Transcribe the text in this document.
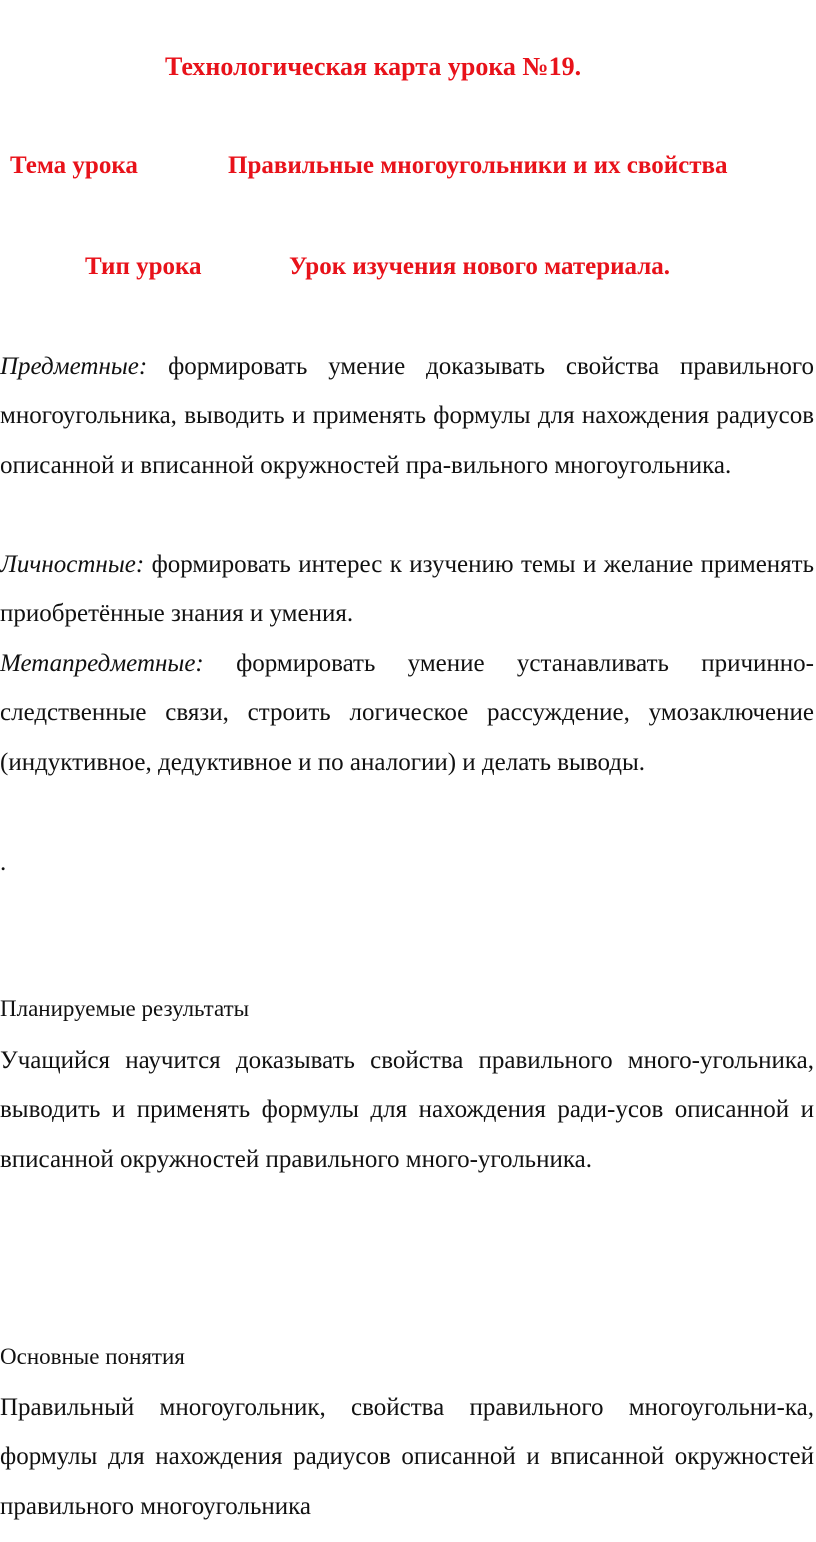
Технологическая карта урока №19.
Тема урока	Правильные многоугольники и их свойства
Тип урока	Урок изучения нового материала.

Предметные: формировать умение доказывать свойства правильного многоугольника, выводить и применять формулы для нахождения радиусов описанной и вписанной окружностей пра-вильного многоугольника.

Личностные: формировать интерес к изучению темы и желание применять приобретённые знания и умения.

Метапредметные: формировать умение устанавливать причинно-следственные связи, строить логическое рассуждение, умозаключение (индуктивное, дедуктивное и по аналогии) и делать выводы.

.
Планируемые результаты

Учащийся научится доказывать свойства правильного много-угольника, выводить и применять формулы для нахождения ради-усов описанной и вписанной окружностей правильного много-угольника.

Основные понятия

Правильный многоугольник, свойства правильного многоугольни-ка, формулы для нахождения радиусов описанной и вписанной окружностей правильного многоугольника
